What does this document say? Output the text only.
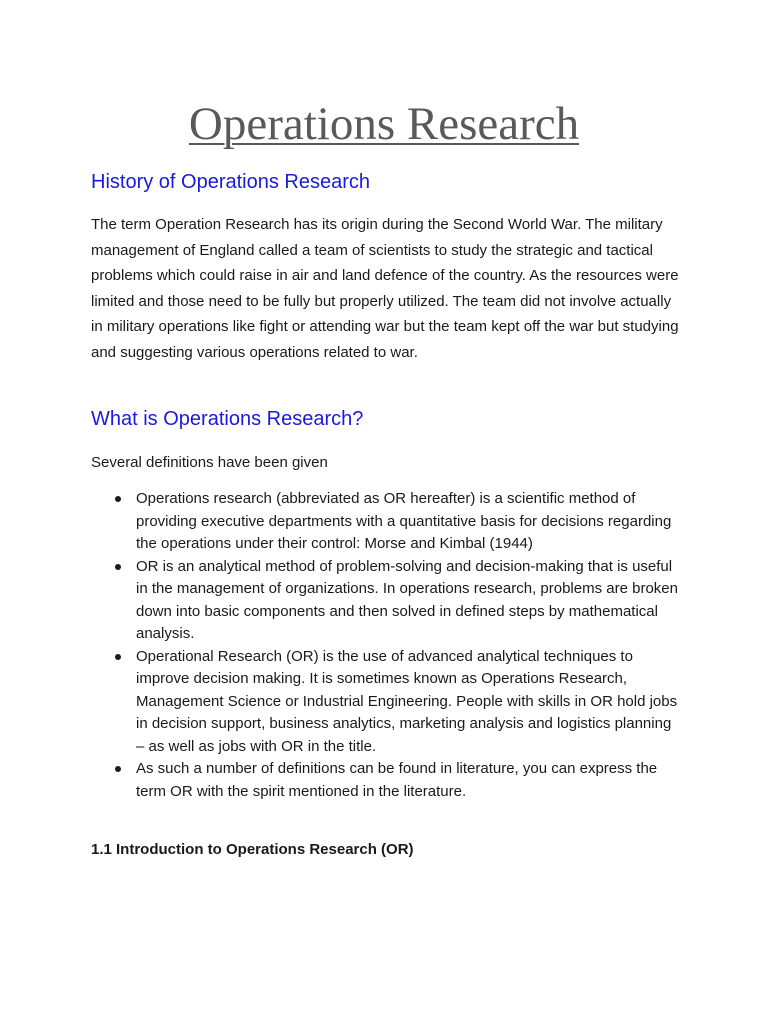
Operations Research
History of Operations Research

The term Operation Research has its origin during the Second World War. The military management of England called a team of scientists to study the strategic and tactical problems which could raise in air and land defence of the country. As the resources were limited and those need to be fully but properly utilized. The team did not involve actually in military operations like fight or attending war but the team kept off the war but studying and suggesting various operations related to war.

What is Operations Research?

Several definitions have been given

Operations research (abbreviated as OR hereafter) is a scientific method of providing executive departments with a quantitative basis for decisions regarding the operations under their control: Morse and Kimbal (1944)
OR is an analytical method of problem-solving and decision-making that is useful in the management of organizations. In operations research, problems are broken down into basic components and then solved in defined steps by mathematical analysis.
Operational Research (OR) is the use of advanced analytical techniques to improve decision making. It is sometimes known as Operations Research, Management Science or Industrial Engineering. People with skills in OR hold jobs in decision support, business analytics, marketing analysis and logistics planning – as well as jobs with OR in the title.
As such a number of definitions can be found in literature, you can express the term OR with the spirit mentioned in the literature.
1.1 Introduction to Operations Research (OR)
